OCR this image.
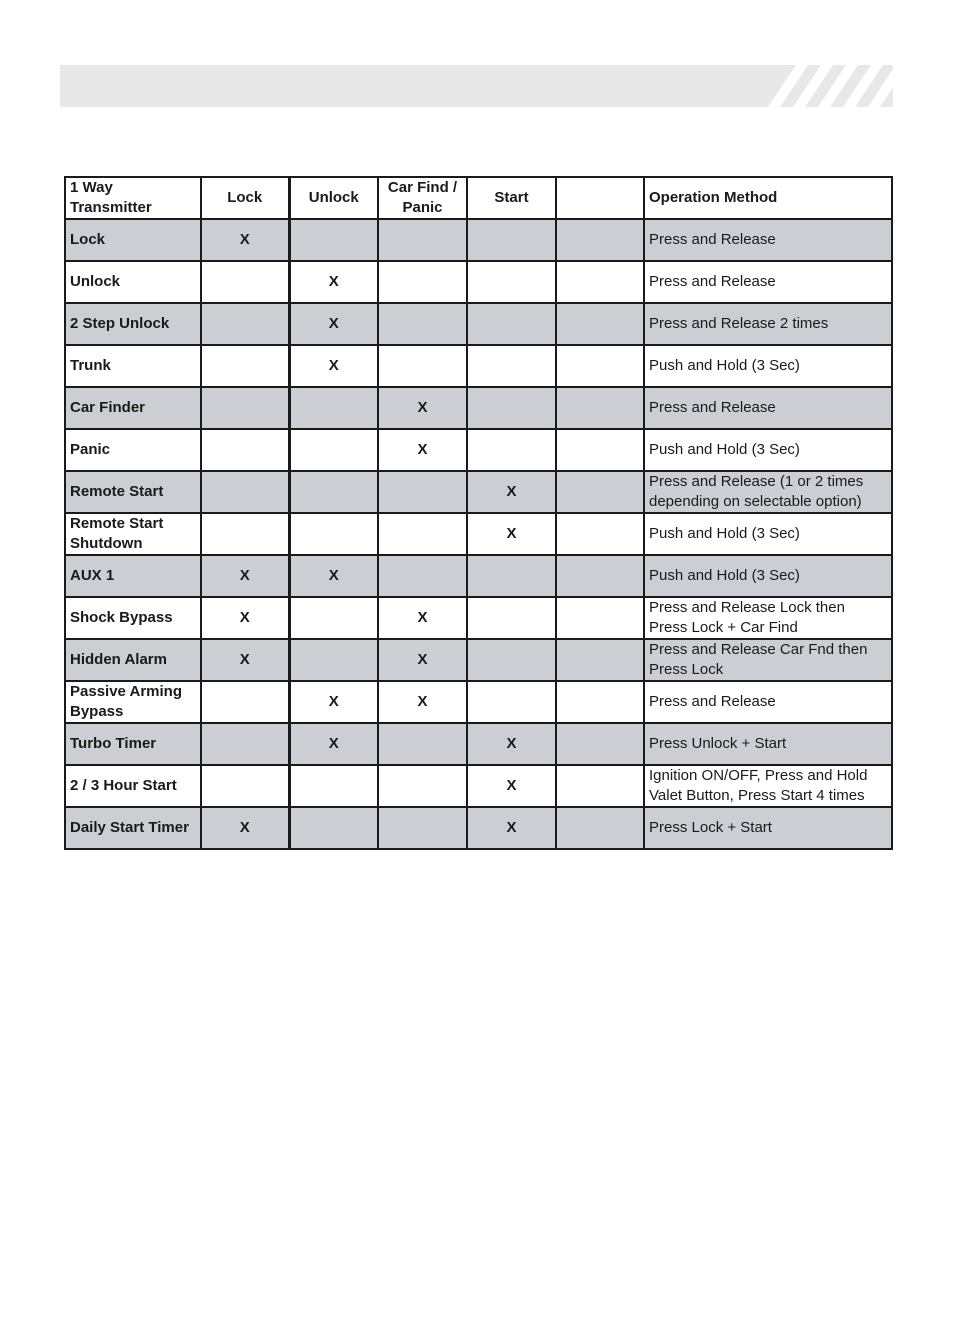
1 Way Transmitter	Lock	Unlock	Car Find / Panic	Start		Operation Method
Lock	X					Press and Release
Unlock		X				Press and Release
2 Step Unlock		X				Press and Release 2 times
Trunk		X				Push and Hold (3 Sec)
Car Finder			X			Press and Release
Panic			X			Push and Hold (3 Sec)
Remote Start				X		Press and Release (1 or 2 times depending on selectable option)
Remote Start Shutdown				X		Push and Hold (3 Sec)
AUX 1	X	X				Push and Hold (3 Sec)
Shock Bypass	X		X			Press and Release Lock then Press Lock + Car Find
Hidden Alarm	X		X			Press and Release Car Fnd then Press Lock
Passive Arming Bypass		X	X			Press and Release
Turbo Timer		X		X		Press Unlock + Start
2 / 3 Hour Start				X		Ignition ON/OFF, Press and Hold Valet Button, Press Start 4 times
Daily Start Timer	X			X		Press Lock + Start
